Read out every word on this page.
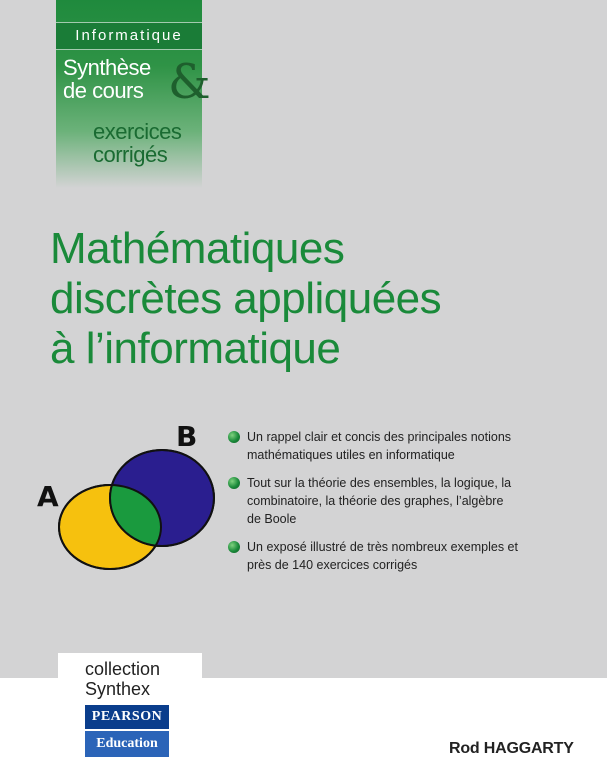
Informatique
Synthèse
de cours &
exercices
corrigés
Mathématiques
discrètes appliquées
à l’informatique
A
B	Un rappel clair et concis des principales notions
mathématiques utiles en informatique
Tout sur la théorie des ensembles, la logique, la
combinatoire, la théorie des graphes, l’algèbre
de Boole
Un exposé illustré de très nombreux exemples et
près de 140 exercices corrigés
collection
Synthex
PEARSON
Education	Rod HAGGARTY
